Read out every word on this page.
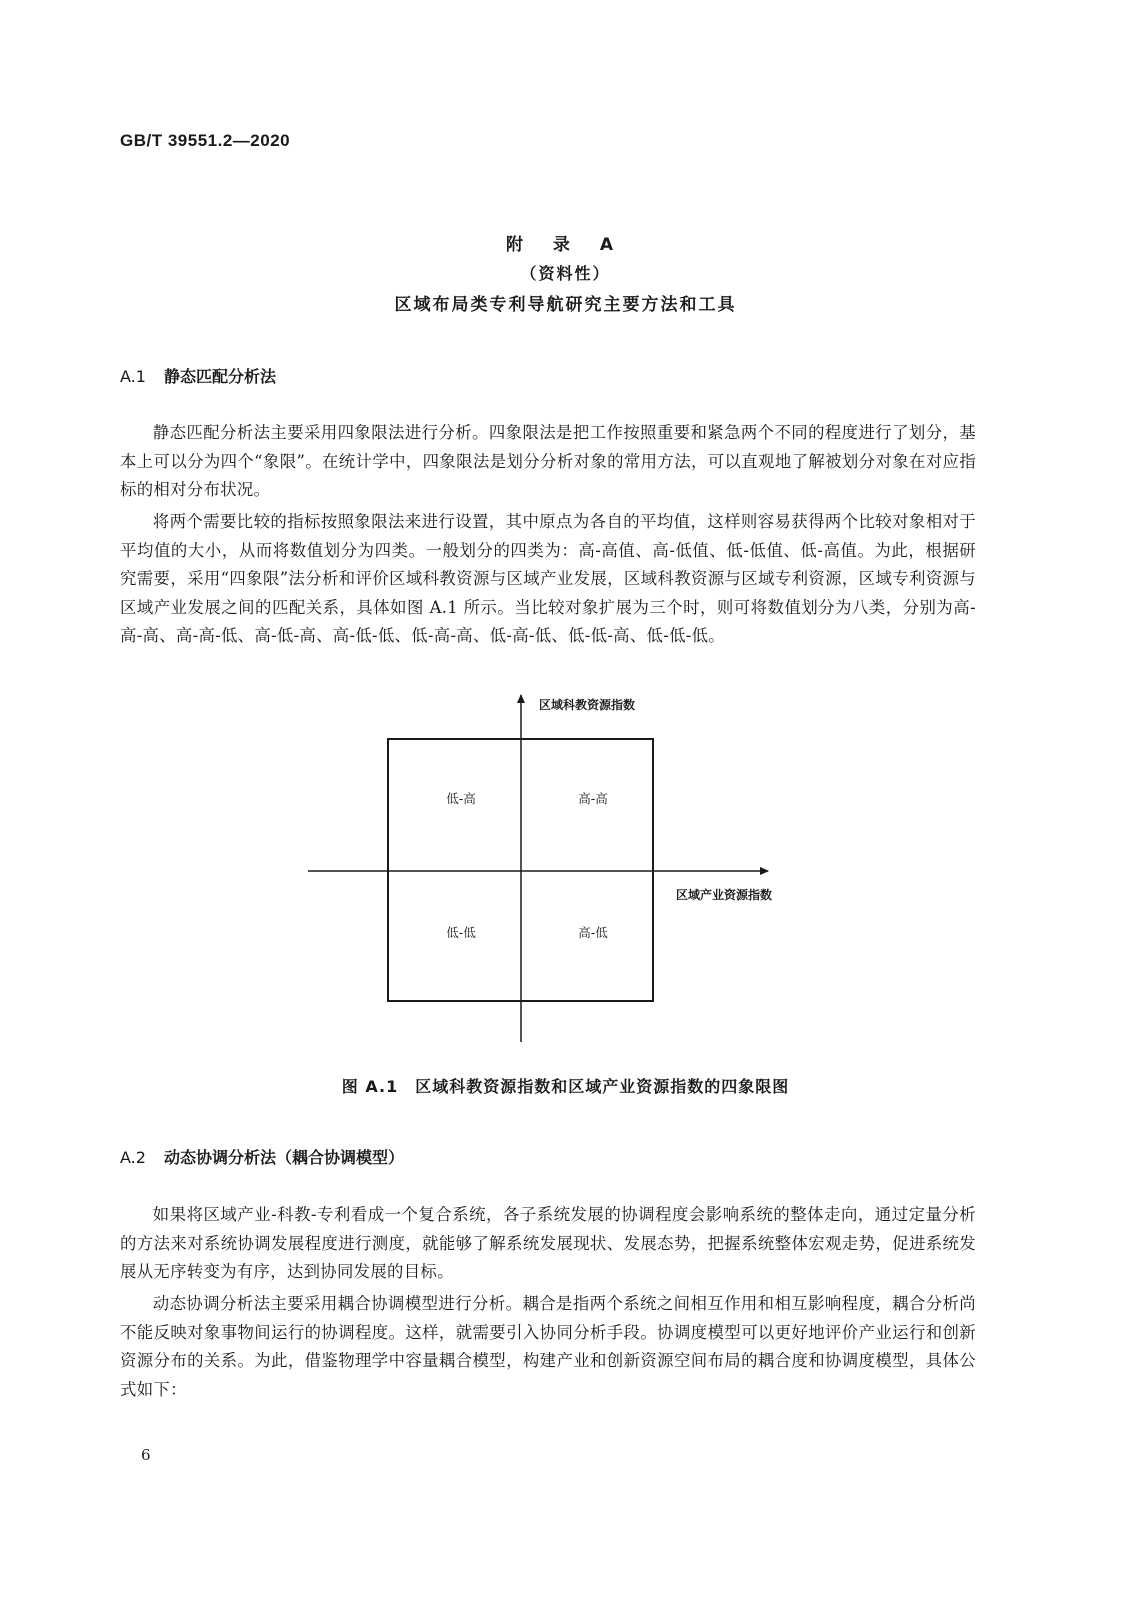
GB/T 39551.2—2020
附 录 A
（资料性）
区域布局类专利导航研究主要方法和工具
A.1 静态匹配分析法

静态匹配分析法主要采用四象限法进行分析。四象限法是把工作按照重要和紧急两个不同的程度进行了划分，基本上可以分为四个“象限”。在统计学中，四象限法是划分分析对象的常用方法，可以直观地了解被划分对象在对应指标的相对分布状况。

将两个需要比较的指标按照象限法来进行设置，其中原点为各自的平均值，这样则容易获得两个比较对象相对于平均值的大小，从而将数值划分为四类。一般划分的四类为：高-高值、高-低值、低-低值、低-高值。为此，根据研究需要，采用“四象限”法分析和评价区域科教资源与区域产业发展，区域科教资源与区域专利资源，区域专利资源与区域产业发展之间的匹配关系，具体如图 A.1 所示。当比较对象扩展为三个时，则可将数值划分为八类，分别为高-高-高、高-高-低、高-低-高、高-低-低、低-高-高、低-高-低、低-低-高、低-低-低。

区域科教资源指数
区域产业资源指数
低-高	高-高
低-低	高-低
图 A.1　区域科教资源指数和区域产业资源指数的四象限图
A.2 动态协调分析法（耦合协调模型）

如果将区域产业-科教-专利看成一个复合系统，各子系统发展的协调程度会影响系统的整体走向，通过定量分析的方法来对系统协调发展程度进行测度，就能够了解系统发展现状、发展态势，把握系统整体宏观走势，促进系统发展从无序转变为有序，达到协同发展的目标。

动态协调分析法主要采用耦合协调模型进行分析。耦合是指两个系统之间相互作用和相互影响程度，耦合分析尚不能反映对象事物间运行的协调程度。这样，就需要引入协同分析手段。协调度模型可以更好地评价产业运行和创新资源分布的关系。为此，借鉴物理学中容量耦合模型，构建产业和创新资源空间布局的耦合度和协调度模型，具体公式如下：

6
